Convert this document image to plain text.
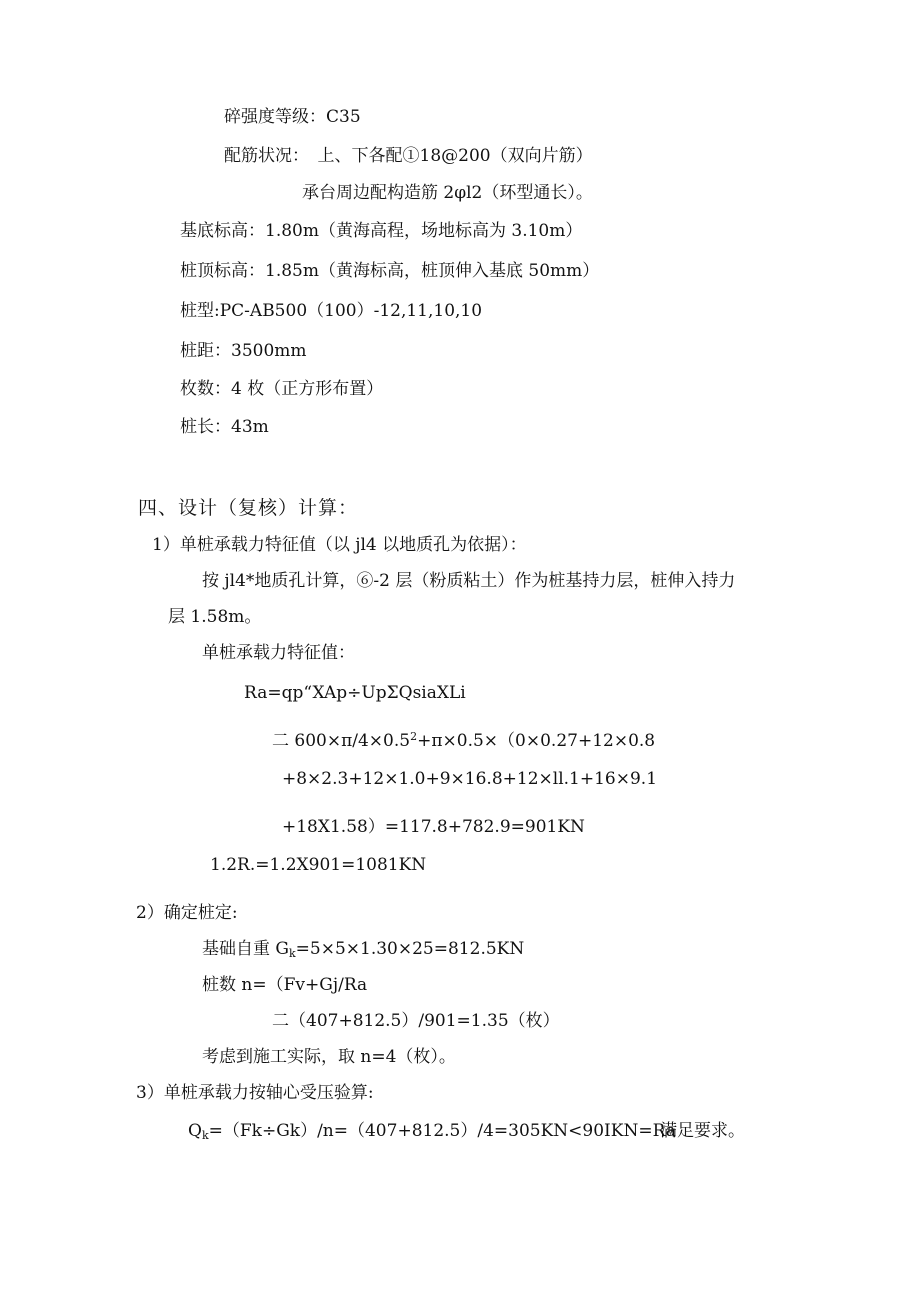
碎强度等级：C35
配筋状况：　上、下各配①18@200（双向片筋）
承台周边配构造筋 2φl2（环型通长）。
基底标高：1.80m（黄海高程，场地标高为 3.10m）
桩顶标高：1.85m（黄海标高，桩顶伸入基底 50mm）
桩型:PC-AB500（100）-12,11,10,10
桩距：3500mm
枚数：4 枚（正方形布置）
桩长：43m
四、设计（复核）计算：
1）单桩承载力特征值（以 jl4 以地质孔为依据）：
按 jl4*地质孔计算，⑥-2 层（粉质粘土）作为桩基持力层，桩伸入持力
层 1.58m。
单桩承载力特征值：
Ra=qp“XAp÷UpΣQsiaXLi
二 $600\times\pi/4\times 0.5^2+\pi\times 0.5\times(0\times 0.27+12\times 0.8$
+8×2.3+12×1.0+9×16.8+12×ll.1+16×9.1
+18X1.58）=117.8+782.9=901KN
1.2R.=1.2X901=1081KN
2）确定桩定:
基础自重 $G_k=5\times 5\times 1.30\times 25=812.5KN$
桩数 n=（Fv+Gj∕Ra
二（407+812.5）/901=1.35（枚）
考虑到施工实际，取 n=4（枚）。
3）单桩承载力按轴心受压验算:
$Q_k=(Fk\div Gk)∕n=(407+812.5)/4=305KN<90IKN=Ra$
满足要求。
